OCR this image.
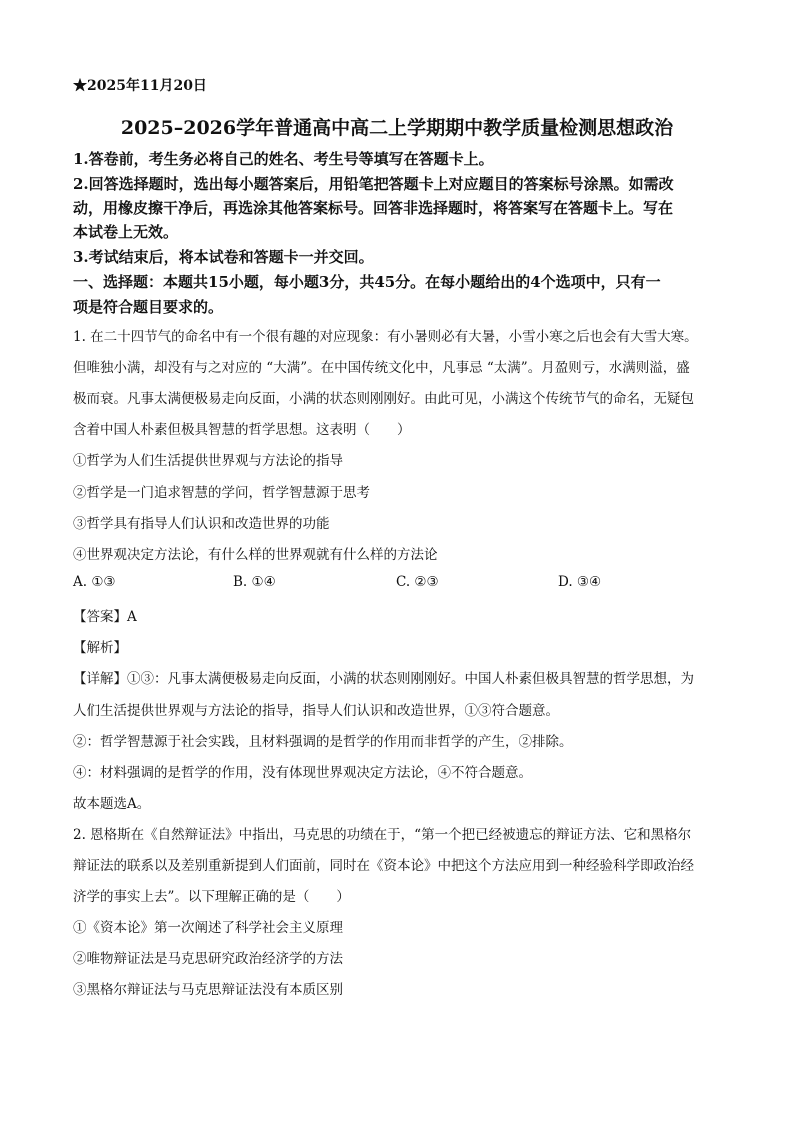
★2025年11月20日
2025–2026学年普通高中高二上学期期中教学质量检测思想政治
1.答卷前，考生务必将自己的姓名、考生号等填写在答题卡上。
2.回答选择题时，选出每小题答案后，用铅笔把答题卡上对应题目的答案标号涂黑。如需改
动，用橡皮擦干净后，再选涂其他答案标号。回答非选择题时，将答案写在答题卡上。写在
本试卷上无效。
3.考试结束后，将本试卷和答题卡一并交回。
一、选择题：本题共15小题，每小题3分，共45分。在每小题给出的4个选项中，只有一
项是符合题目要求的。
1. 在二十四节气的命名中有一个很有趣的对应现象：有小暑则必有大暑，小雪小寒之后也会有大雪大寒。
但唯独小满，却没有与之对应的 “大满”。在中国传统文化中，凡事忌 “太满”。月盈则亏，水满则溢，盛
极而衰。凡事太满便极易走向反面，小满的状态则刚刚好。由此可见，小满这个传统节气的命名，无疑包
含着中国人朴素但极具智慧的哲学思想。这表明（　　）
①哲学为人们生活提供世界观与方法论的指导
②哲学是一门追求智慧的学问，哲学智慧源于思考
③哲学具有指导人们认识和改造世界的功能
④世界观决定方法论，有什么样的世界观就有什么样的方法论
A. ①③	B. ①④	C. ②③	D. ③④
【答案】A
【解析】
【详解】①③：凡事太满便极易走向反面，小满的状态则刚刚好。中国人朴素但极具智慧的哲学思想，为
人们生活提供世界观与方法论的指导，指导人们认识和改造世界，①③符合题意。
②：哲学智慧源于社会实践，且材料强调的是哲学的作用而非哲学的产生，②排除。
④：材料强调的是哲学的作用，没有体现世界观决定方法论，④不符合题意。
故本题选A。
2. 恩格斯在《自然辩证法》中指出，马克思的功绩在于，“第一个把已经被遗忘的辩证方法、它和黑格尔
辩证法的联系以及差别重新提到人们面前，同时在《资本论》中把这个方法应用到一种经验科学即政治经
济学的事实上去”。以下理解正确的是（　　）
①《资本论》第一次阐述了科学社会主义原理
②唯物辩证法是马克思研究政治经济学的方法
③黑格尔辩证法与马克思辩证法没有本质区别
